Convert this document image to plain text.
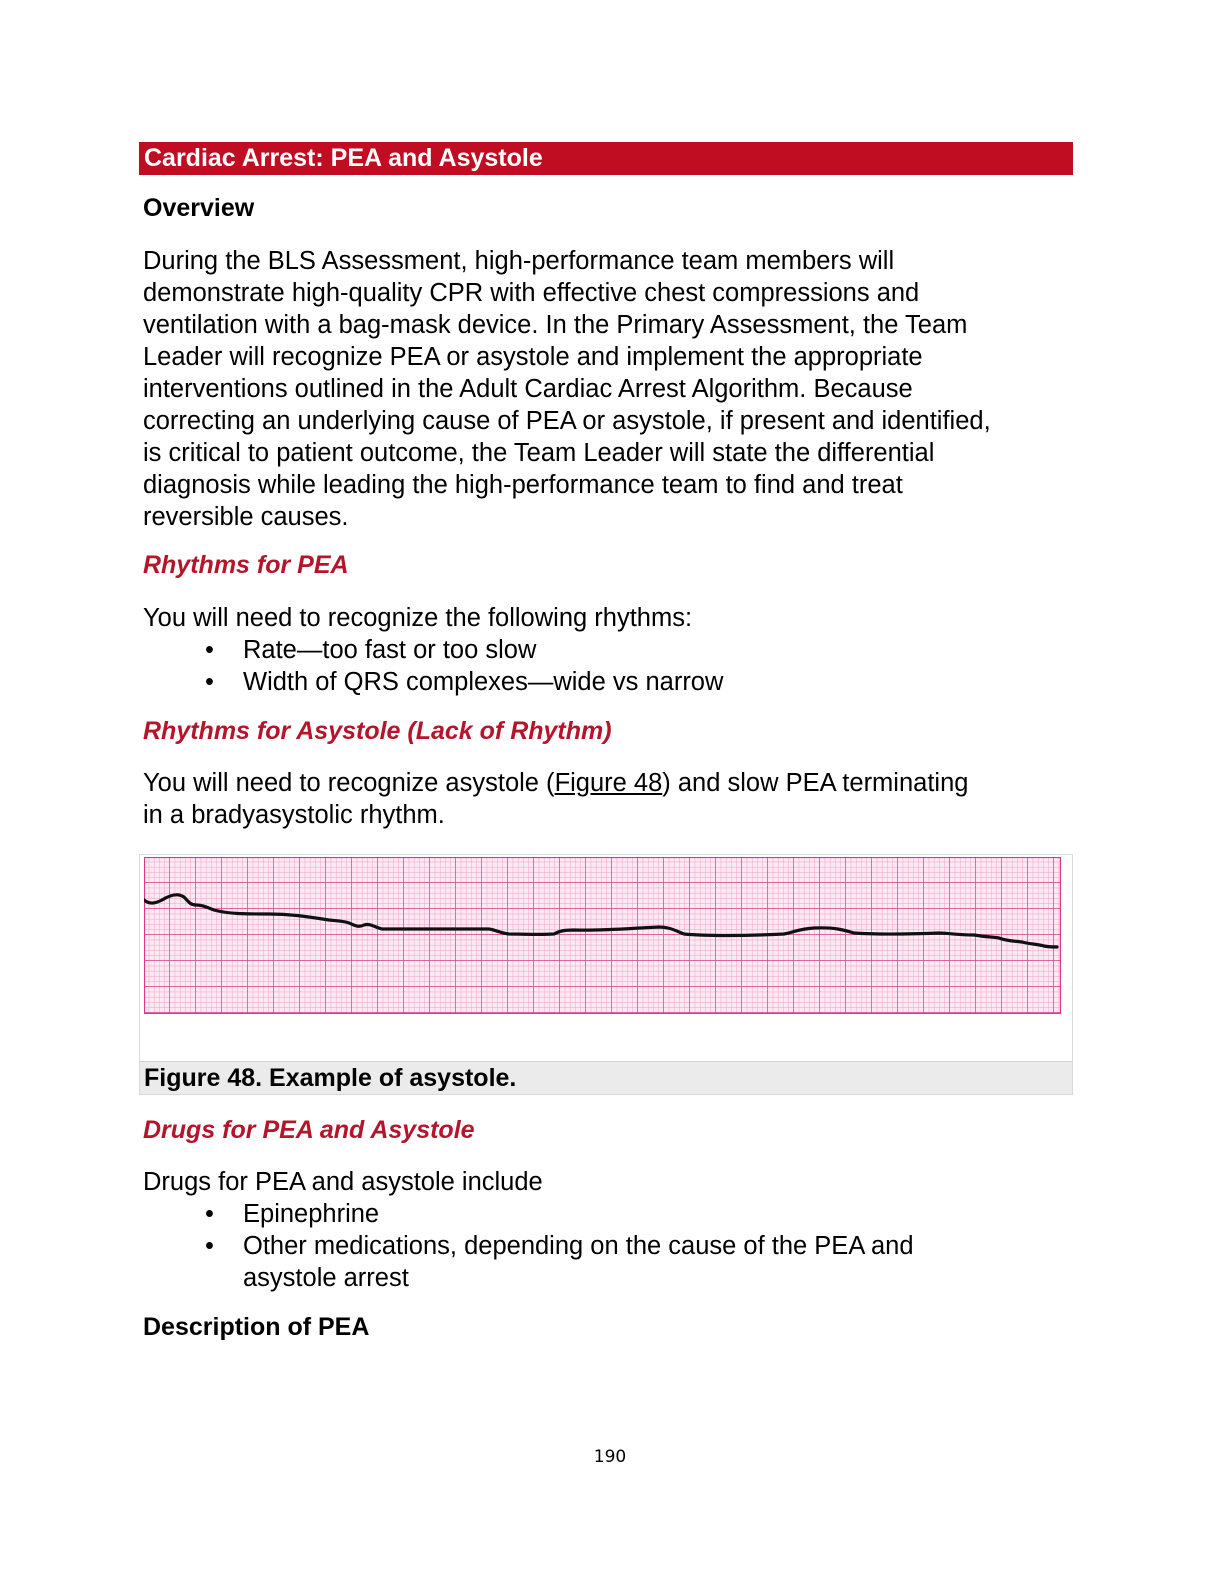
Cardiac Arrest: PEA and Asystole
Overview
During the BLS Assessment, high-performance team members will
demonstrate high-quality CPR with effective chest compressions and
ventilation with a bag-mask device. In the Primary Assessment, the Team
Leader will recognize PEA or asystole and implement the appropriate
interventions outlined in the Adult Cardiac Arrest Algorithm. Because
correcting an underlying cause of PEA or asystole, if present and identified,
is critical to patient outcome, the Team Leader will state the differential
diagnosis while leading the high-performance team to find and treat
reversible causes.
Rhythms for PEA
You will need to recognize the following rhythms:
• Rate—too fast or too slow
• Width of QRS complexes—wide vs narrow
Rhythms for Asystole (Lack of Rhythm)
You will need to recognize asystole (Figure 48) and slow PEA terminating
in a bradyasystolic rhythm.
Figure 48. Example of asystole.
Drugs for PEA and Asystole
Drugs for PEA and asystole include
• Epinephrine
• Other medications, depending on the cause of the PEA and
asystole arrest
Description of PEA
190
